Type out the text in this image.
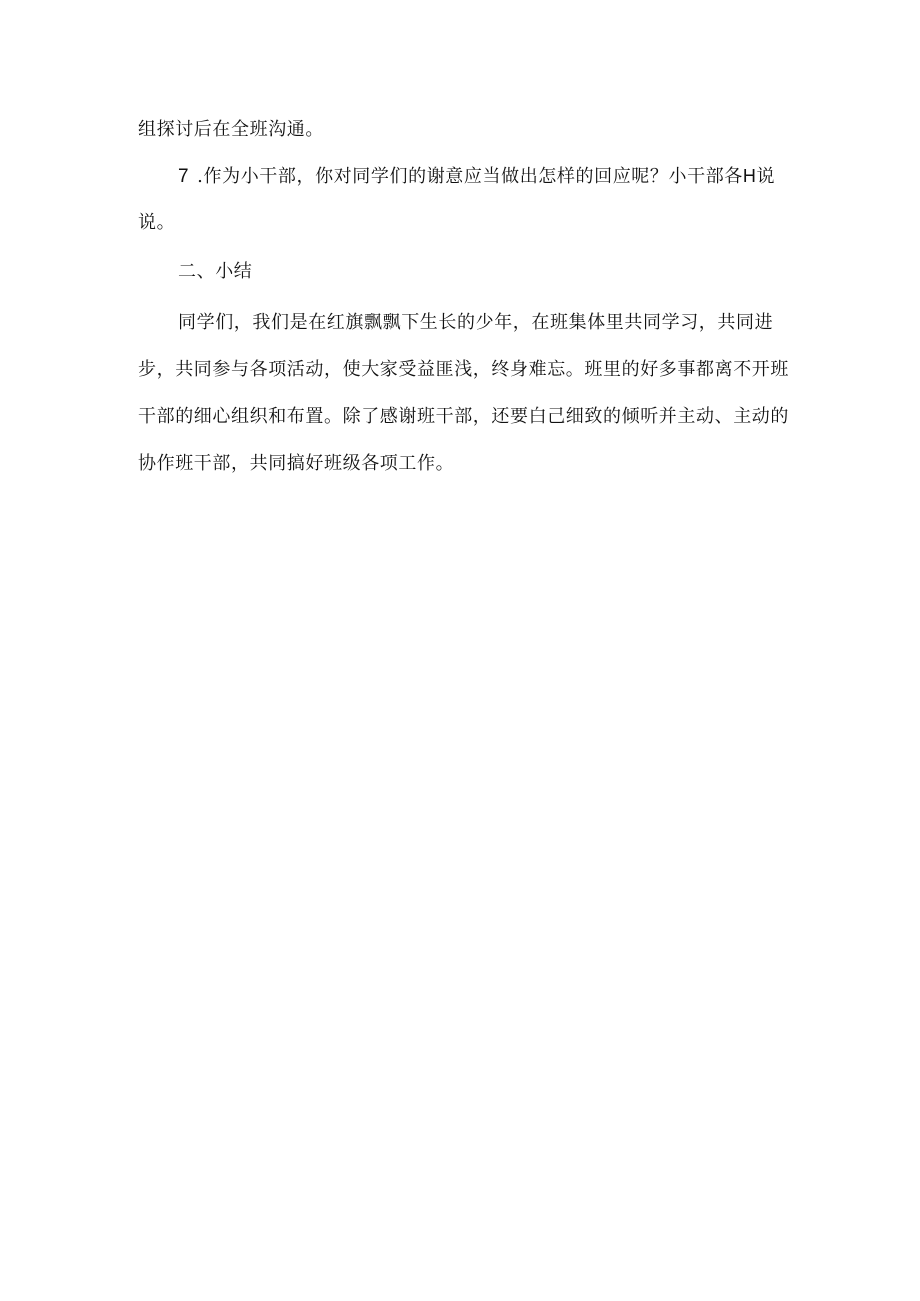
组探讨后在全班沟通。
7 .作为小干部，你对同学们的谢意应当做出怎样的回应呢？小干部各H说
说。
二、小结
同学们，我们是在红旗飘飘下生长的少年，在班集体里共同学习，共同进
步，共同参与各项活动，使大家受益匪浅，终身难忘。班里的好多事都离不开班
干部的细心组织和布置。除了感谢班干部，还要白己细致的倾听并主动、主动的
协作班干部，共同搞好班级各项工作。
